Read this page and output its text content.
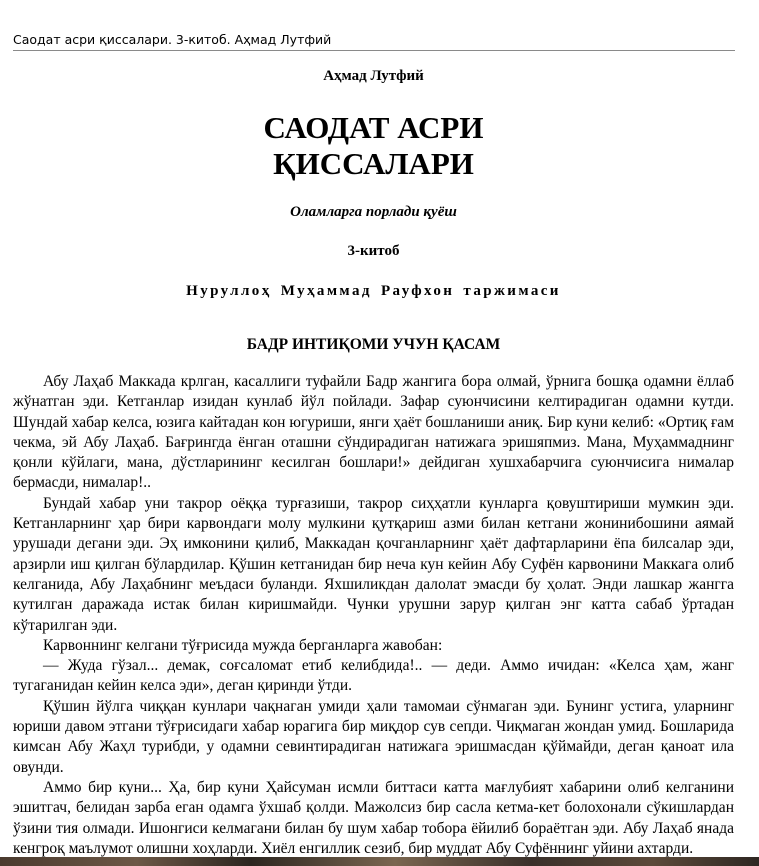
Саодат асри қиссалари. 3-китоб. Аҳмад Лутфий
Аҳмад Лутфий
САОДАТ АСРИ
ҚИССАЛАРИ
Оламларга порлади қуёш
3-китоб
Нуруллоҳ Муҳаммад Рауфхон таржимаси
БАДР ИНТИҚОМИ УЧУН ҚАСАМ

Абу Лаҳаб Маккада крлган, касаллиги туфайли Бадр жангига бора олмай, ўрнига бошқа одамни ёллаб жўнатган эди. Кетганлар изидан кунлаб йўл пойлади. Зафар суюнчисини келтирадиган одамни кутди. Шундай хабар келса, юзига кайтадан кон югуриши, янги ҳаёт бошланиши аниқ. Бир куни келиб: «Ортиқ ғам чекма, эй Абу Лаҳаб. Бағрингда ёнган оташни сўндирадиган натижага эришяпмиз. Мана, Муҳаммаднинг қонли кўйлаги, мана, дўстларининг кесилган бошлари!» дейдиган хушхабарчига суюнчисига нималар бермасди, нималар!..

Бундай хабар уни такрор оёққа турғазиши, такрор сиҳҳатли кунларга қовуштириши мумкин эди. Кетганларнинг ҳар бири карвондаги молу мулкини қутқариш азми билан кетгани жонинибошини аямай урушади дегани эди. Эҳ имконини қилиб, Маккадан қочганларнинг ҳаёт дафтарларини ёпа билсалар эди, арзирли иш қилган бўлардилар. Қўшин кетганидан бир неча кун кейин Абу Суфён карвонини Маккага олиб келганида, Абу Лаҳабнинг меъдаси буланди. Яхшиликдан далолат эмасди бу ҳолат. Энди лашкар жангга кутилган даражада истак билан киришмайди. Чунки урушни зарур қилган энг катта сабаб ўртадан кўтарилган эди.

Карвоннинг келгани тўғрисида мужда берганларга жавобан:

— Жуда гўзал... демак, соғсаломат етиб келибдида!.. — деди. Аммо ичидан: «Келса ҳам, жанг тугаганидан кейин келса эди», деган қиринди ўтди.

Қўшин йўлга чиққан кунлари чақнаган умиди ҳали тамомаи сўнмаган эди. Бунинг устига, уларнинг юриши давом этгани тўғрисидаги хабар юрагига бир миқдор сув сепди. Чиқмаган жондан умид. Бошларида кимсан Абу Жаҳл турибди, у одамни севинтирадиган натижага эришмасдан қўймайди, деган қаноат ила овунди.

Аммо бир куни... Ҳа, бир куни Ҳайсуман исмли биттаси катта мағлубият хабарини олиб келганини эшитгач, белидан зарба еган одамга ўхшаб қолди. Мажолсиз бир сасла кетма-кет болохонали сўкишлардан ўзини тия олмади. Ишонгиси келмагани билан бу шум хабар тобора ёйилиб бораётган эди. Абу Лаҳаб янада кенгроқ маълумот олишни хоҳларди. Хиёл енгиллик сезиб, бир муддат Абу Суфённинг уйини ахтарди.
